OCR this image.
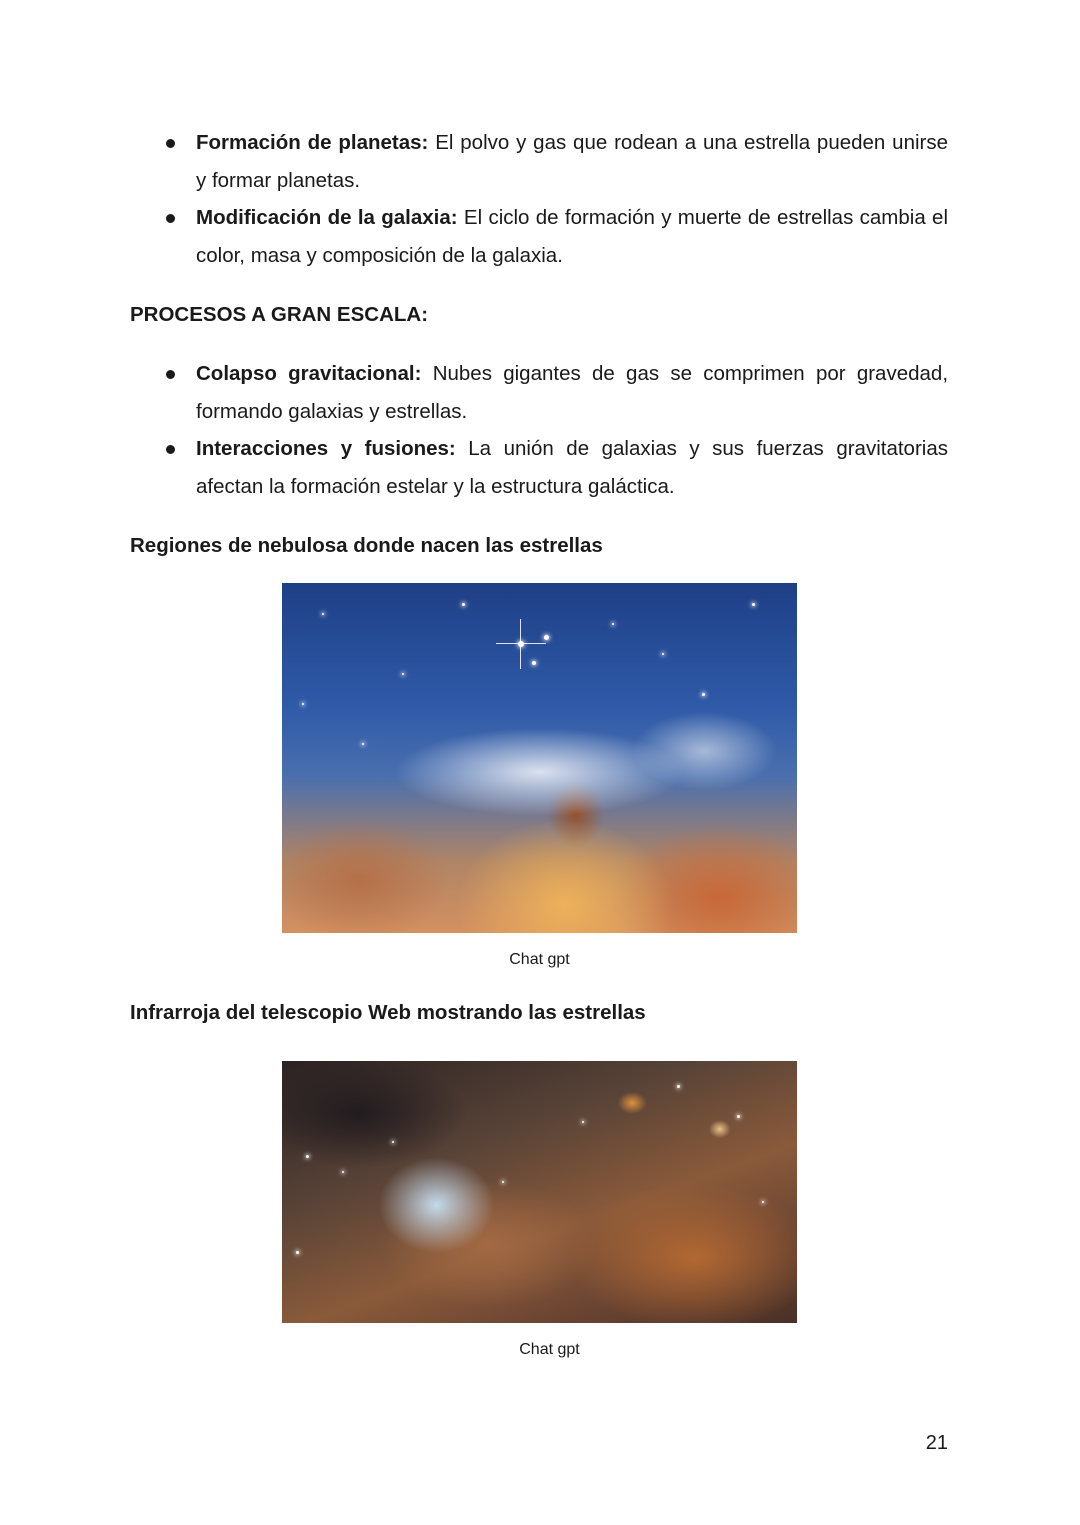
Formación de planetas: El polvo y gas que rodean a una estrella pueden unirse y formar planetas.
Modificación de la galaxia: El ciclo de formación y muerte de estrellas cambia el color, masa y composición de la galaxia.
PROCESOS A GRAN ESCALA:
Colapso gravitacional: Nubes gigantes de gas se comprimen por gravedad, formando galaxias y estrellas.
Interacciones y fusiones: La unión de galaxias y sus fuerzas gravitatorias afectan la formación estelar y la estructura galáctica.
Regiones de nebulosa donde nacen las estrellas
Chat gpt
Infrarroja del telescopio Web mostrando las estrellas
Chat gpt
21
